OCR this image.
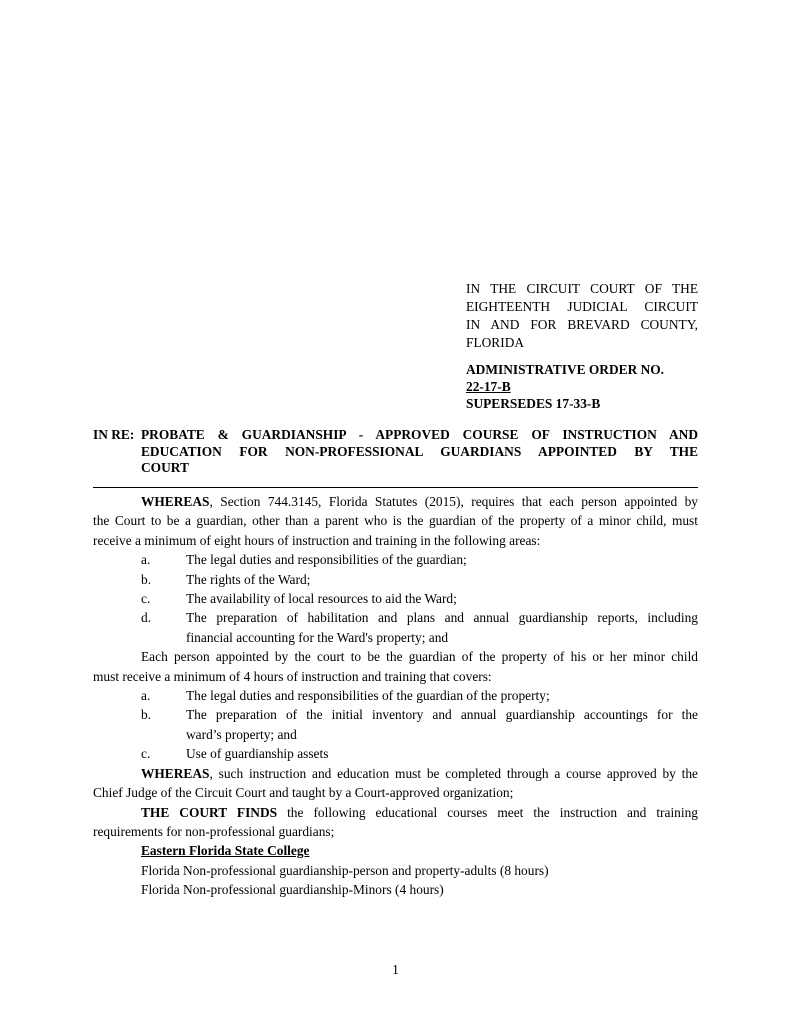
IN THE CIRCUIT COURT OF THE
EIGHTEENTH JUDICIAL CIRCUIT
IN AND FOR BREVARD COUNTY,
FLORIDA
ADMINISTRATIVE ORDER NO.
22-17-B
SUPERSEDES 17-33-B
IN RE: PROBATE & GUARDIANSHIP - APPROVED COURSE OF INSTRUCTION AND
EDUCATION FOR NON-PROFESSIONAL GUARDIANS APPOINTED BY THE
COURT
WHEREAS, Section 744.3145, Florida Statutes (2015), requires that each person appointed by
the Court to be a guardian, other than a parent who is the guardian of the property of a minor child, must
receive a minimum of eight hours of instruction and training in the following areas:
a.	The legal duties and responsibilities of the guardian;
b.	The rights of the Ward;
c.	The availability of local resources to aid the Ward;
d.	The preparation of habilitation and plans and annual guardianship reports, including
financial accounting for the Ward's property; and
Each person appointed by the court to be the guardian of the property of his or her minor child
must receive a minimum of 4 hours of instruction and training that covers:
a.	The legal duties and responsibilities of the guardian of the property;
b.	The preparation of the initial inventory and annual guardianship accountings for the
ward’s property; and
c.	Use of guardianship assets
WHEREAS, such instruction and education must be completed through a course approved by the
Chief Judge of the Circuit Court and taught by a Court-approved organization;
THE COURT FINDS the following educational courses meet the instruction and training
requirements for non-professional guardians;
Eastern Florida State College
Florida Non-professional guardianship-person and property-adults (8 hours)
Florida Non-professional guardianship-Minors (4 hours)
1
